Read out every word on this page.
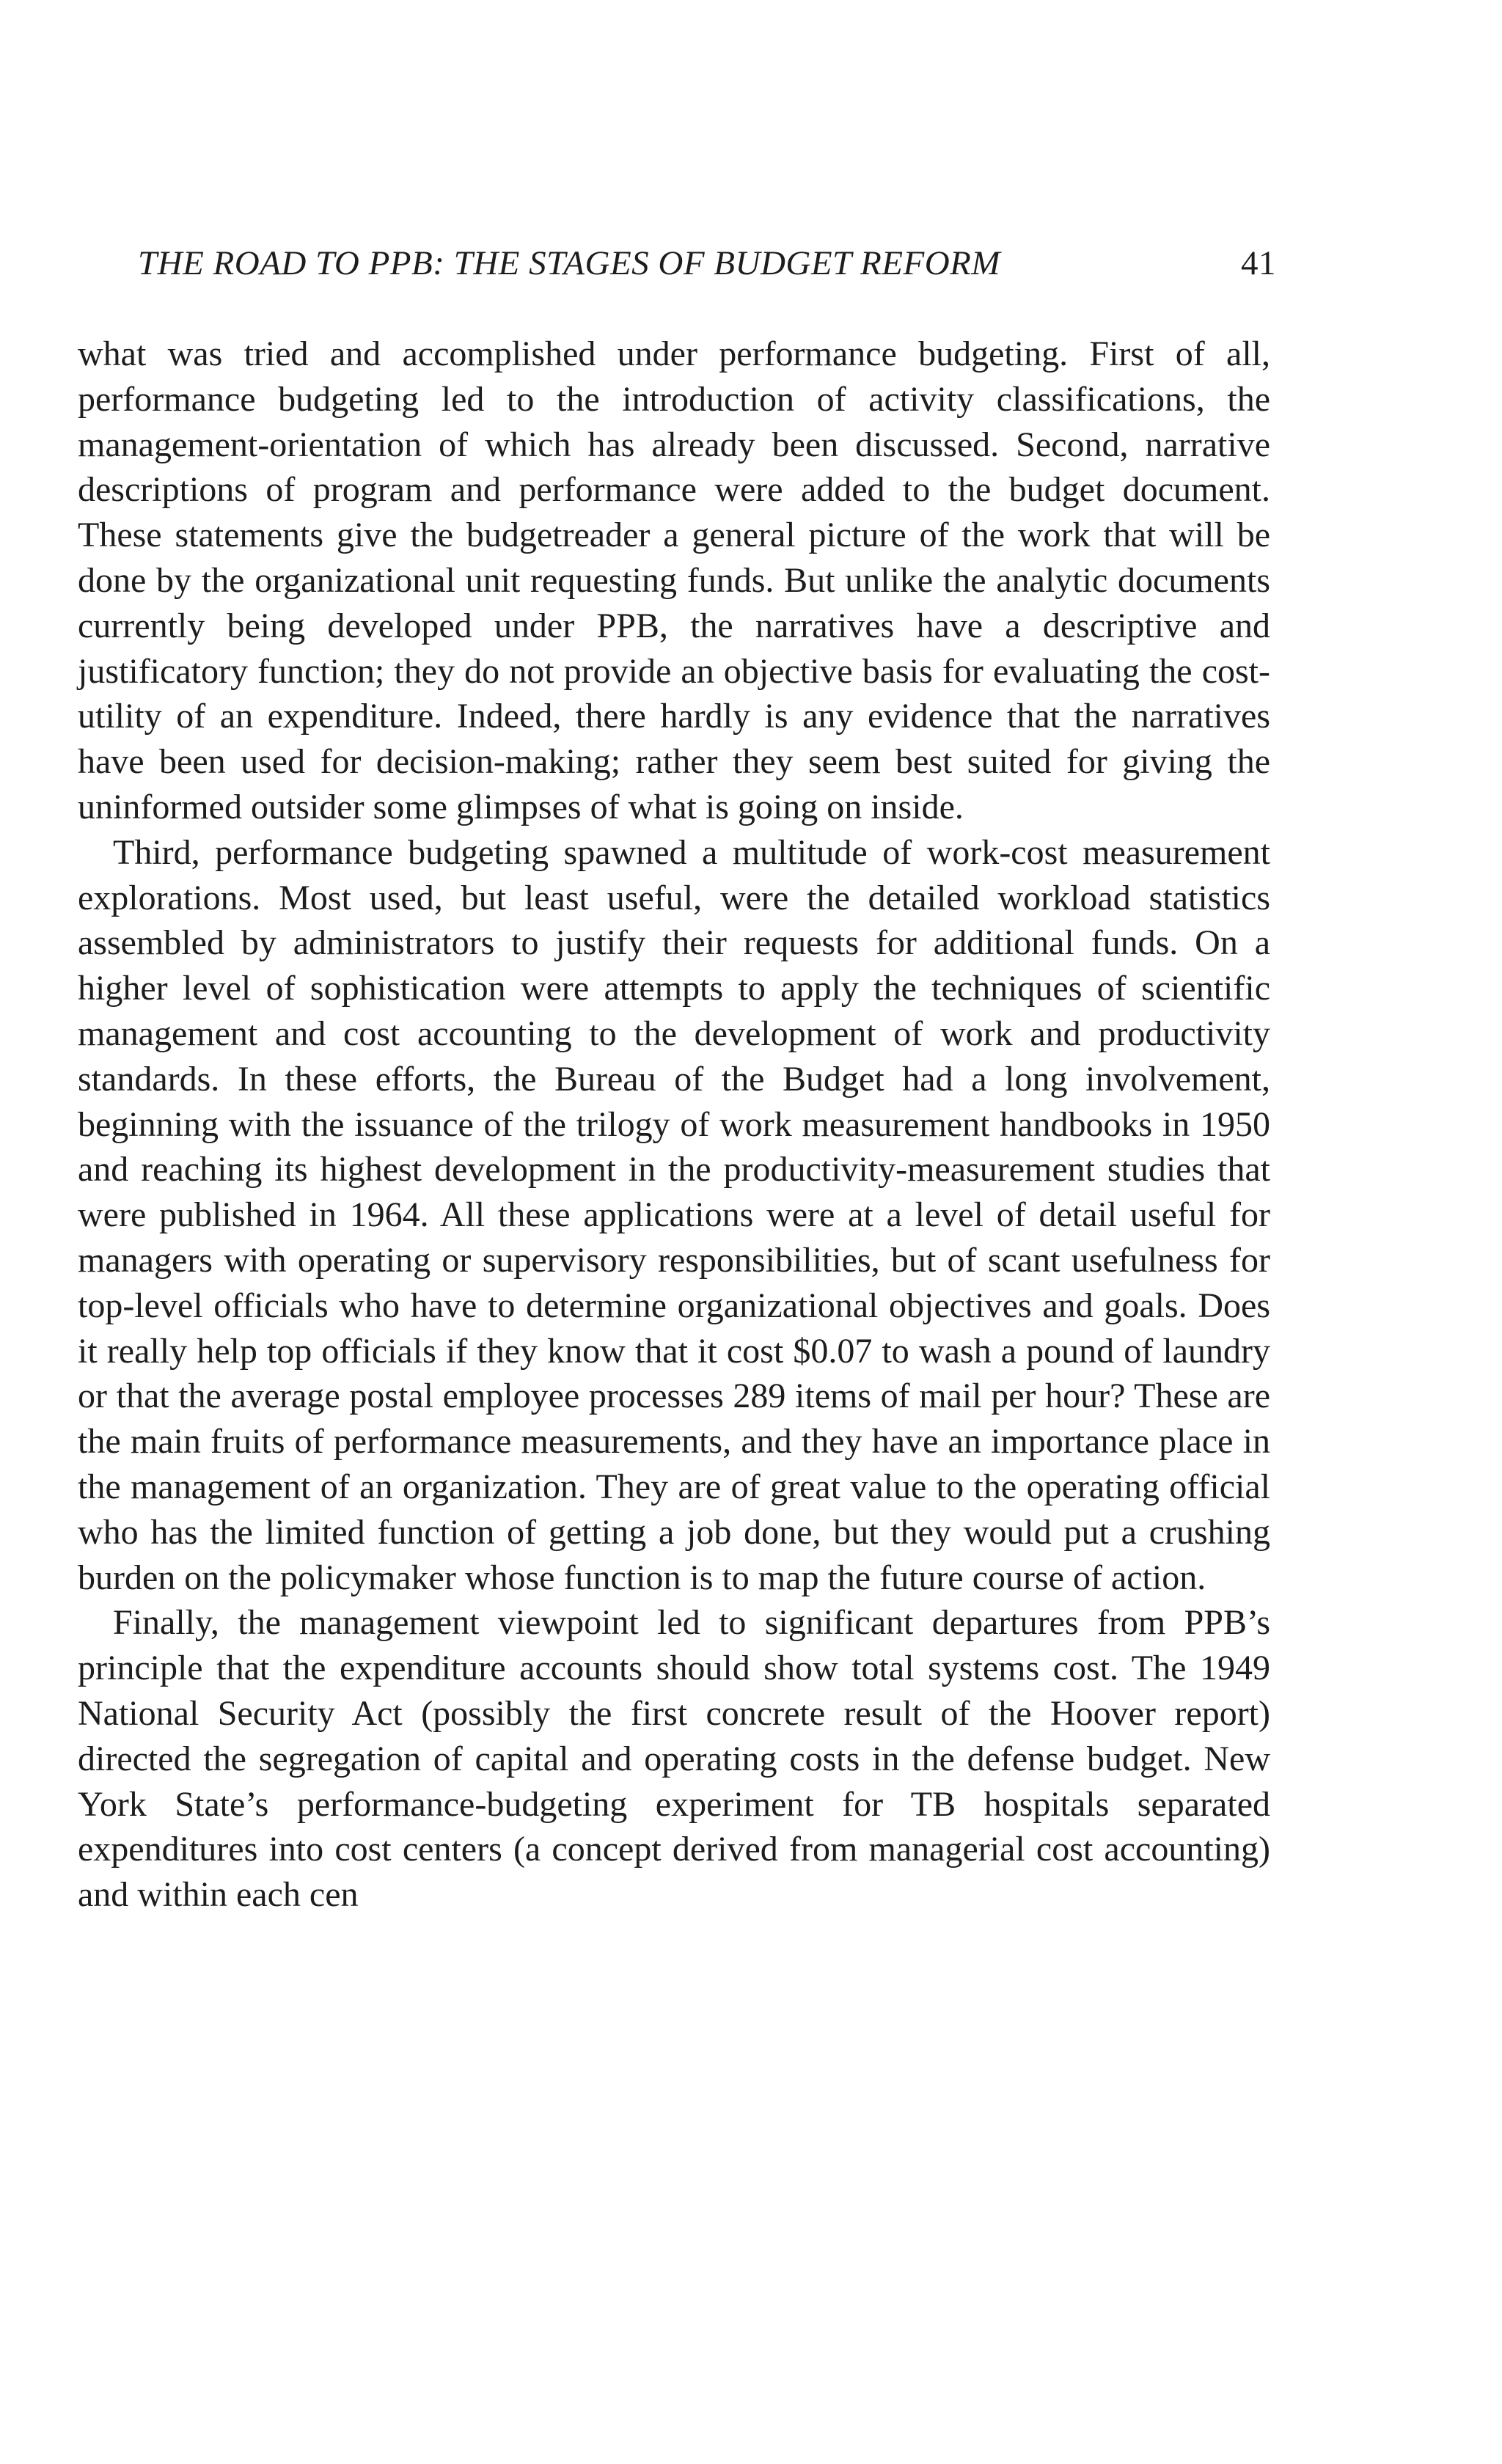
THE ROAD TO PPB: THE STAGES OF BUDGET REFORM	41

what was tried and accomplished under performance budgeting. First of all, performance budgeting led to the introduction of activity classifications, the management-orientation of which has already been discussed. Second, narrative descriptions of program and performance were added to the budget document. These statements give the budgetreader a general picture of the work that will be done by the organizational unit requesting funds. But unlike the analytic documents currently being developed under PPB, the narratives have a descriptive and justificatory function; they do not provide an objective basis for evaluating the cost-utility of an expenditure. Indeed, there hardly is any evidence that the narratives have been used for decision-making; rather they seem best suited for giving the uninformed outsider some glimpses of what is going on inside.

Third, performance budgeting spawned a multitude of work-cost measurement explorations. Most used, but least useful, were the detailed workload statistics assembled by administrators to justify their requests for additional funds. On a higher level of sophistication were attempts to apply the techniques of scientific management and cost accounting to the development of work and productivity standards. In these efforts, the Bureau of the Budget had a long involvement, beginning with the issuance of the trilogy of work measurement handbooks in 1950 and reaching its highest development in the productivity-measurement studies that were published in 1964. All these applications were at a level of detail useful for managers with operating or supervisory responsibilities, but of scant usefulness for top-level officials who have to determine organizational objectives and goals. Does it really help top officials if they know that it cost $0.07 to wash a pound of laundry or that the average postal employee processes 289 items of mail per hour? These are the main fruits of performance measurements, and they have an importance place in the management of an organization. They are of great value to the operating official who has the limited function of getting a job done, but they would put a crushing burden on the policymaker whose function is to map the future course of action.

Finally, the management viewpoint led to significant departures from PPB’s principle that the expenditure accounts should show total systems cost. The 1949 National Security Act (possibly the first concrete result of the Hoover report) directed the segregation of capital and operating costs in the defense budget. New York State’s performance-budgeting experiment for TB hospitals separated expenditures into cost centers (a concept derived from managerial cost accounting) and within each cen
